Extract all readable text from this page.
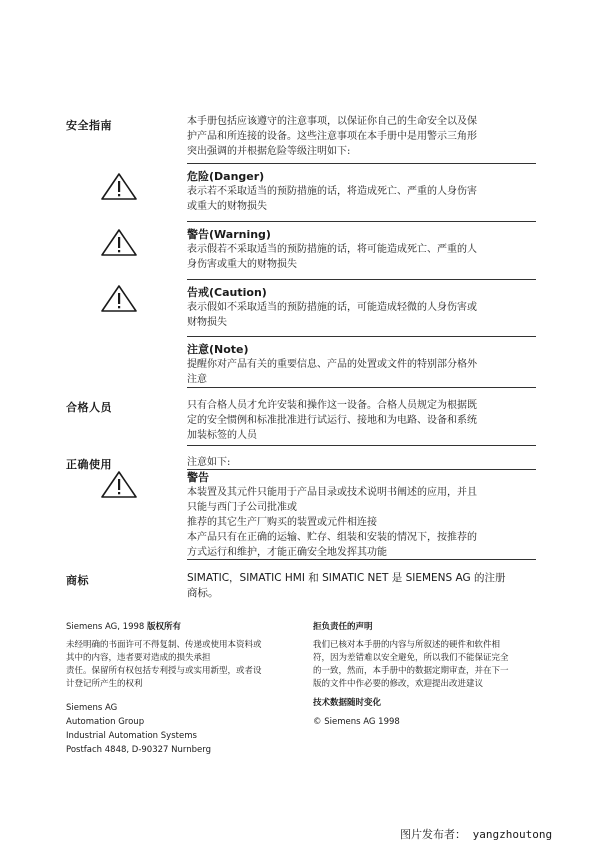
安全指南	本手册包括应该遵守的注意事项，以保证你自己的生命安全以及保
护产品和所连接的设备。这些注意事项在本手册中是用警示三角形
突出强调的并根据危险等级注明如下:
危险(Danger)
表示若不采取适当的预防措施的话，将造成死亡、严重的人身伤害
或重大的财物损失
警告(Warning)
表示假若不采取适当的预防措施的话，将可能造成死亡、严重的人
身伤害或重大的财物损失
告戒(Caution)
表示假如不采取适当的预防措施的话，可能造成轻微的人身伤害或
财物损失
注意(Note)
提醒你对产品有关的重要信息、产品的处置或文件的特别部分格外
注意
合格人员	只有合格人员才允许安装和操作这一设备。合格人员规定为根据既
定的安全惯例和标准批准进行试运行、接地和为电路、设备和系统
加装标签的人员
正确使用	注意如下:
警告
本装置及其元件只能用于产品目录或技术说明书阐述的应用，并且
只能与西门子公司批准或
推荐的其它生产厂购买的装置或元件相连接
本产品只有在正确的运输、贮存、组装和安装的情况下，按推荐的
方式运行和维护，才能正确安全地发挥其功能
商标	SIMATIC，SIMATIC HMI 和 SIMATIC NET 是 SIEMENS AG 的注册
商标。
Siemens AG, 1998 版权所有
未经明确的书面许可不得复制、传递或使用本资料或
其中的内容，违者要对造成的损失承担
责任。保留所有权包括专利授与或实用新型，或者设
计登记所产生的权利
Siemens AG
Automation Group
Industrial Automation Systems
Postfach 4848, D-90327 Nurnberg
拒负责任的声明
我们已核对本手册的内容与所叙述的硬件和软件相
符，因为差错难以安全避免，所以我们不能保证完全
的一致，然而，本手册中的数据定期审查，并在下一
版的文件中作必要的修改，欢迎提出改进建议
技术数据随时变化
© Siemens AG 1998
图片发布者： yangzhoutong
